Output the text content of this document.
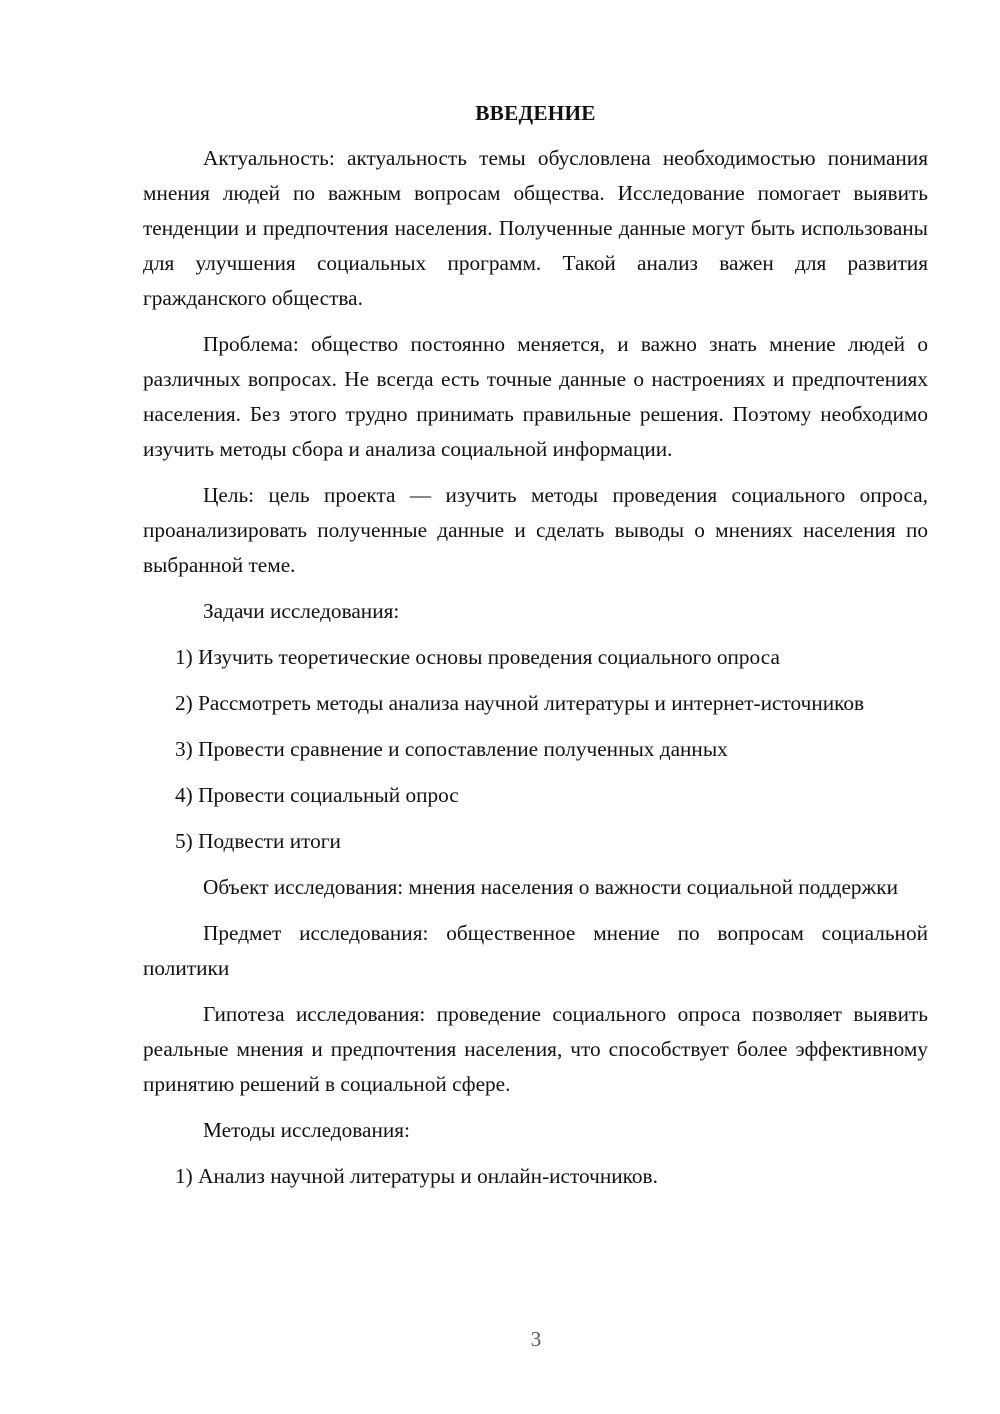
ВВЕДЕНИЕ

Актуальность: актуальность темы обусловлена необходимостью понимания мнения людей по важным вопросам общества. Исследование помогает выявить тенденции и предпочтения населения. Полученные данные могут быть использованы для улучшения социальных программ. Такой анализ важен для развития гражданского общества.

Проблема: общество постоянно меняется, и важно знать мнение людей о различных вопросах. Не всегда есть точные данные о настроениях и предпочтениях населения. Без этого трудно принимать правильные решения. Поэтому необходимо изучить методы сбора и анализа социальной информации.

Цель: цель проекта — изучить методы проведения социального опроса, проанализировать полученные данные и сделать выводы о мнениях населения по выбранной теме.

Задачи исследования:

1) Изучить теоретические основы проведения социального опроса

2) Рассмотреть методы анализа научной литературы и интернет-источников

3) Провести сравнение и сопоставление полученных данных

4) Провести социальный опрос

5) Подвести итоги

Объект исследования: мнения населения о важности социальной поддержки

Предмет исследования: общественное мнение по вопросам социальной политики

Гипотеза исследования: проведение социального опроса позволяет выявить реальные мнения и предпочтения населения, что способствует более эффективному принятию решений в социальной сфере.

Методы исследования:

1) Анализ научной литературы и онлайн-источников.

3
